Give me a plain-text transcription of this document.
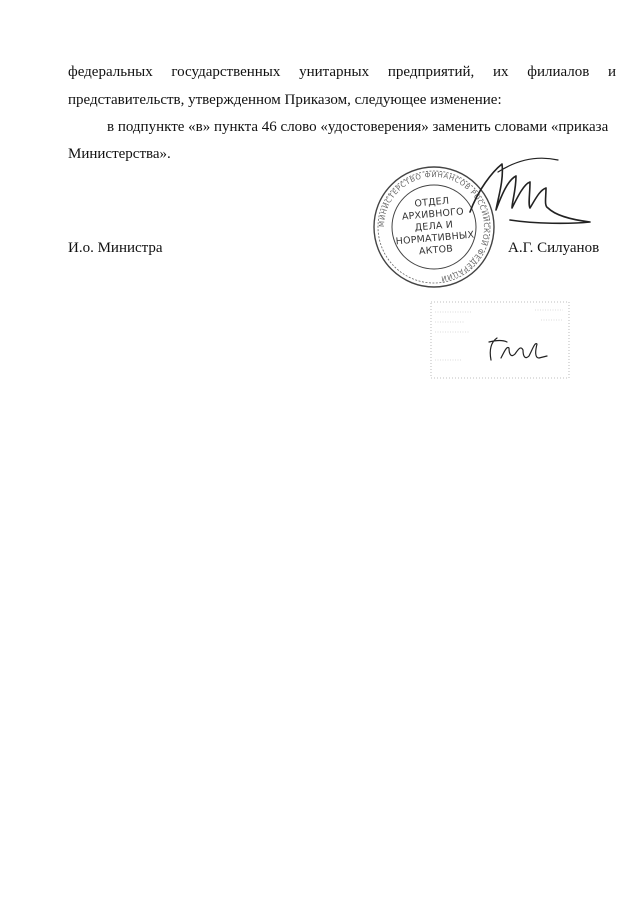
федеральных государственных унитарных предприятий, их филиалов и
представительств, утвержденном Приказом, следующее изменение:
в подпункте «в» пункта 46 слово «удостоверения» заменить словами «приказа
Министерства».
МИНИСТЕРСТВО ФИНАНСОВ РОССИЙСКОЙ ФЕДЕРАЦИИ
ОТДЕЛ
АРХИВНОГО
ДЕЛА И
НОРМАТИВНЫХ
АКТОВ
И.о. Министра	А.Г. Силуанов
